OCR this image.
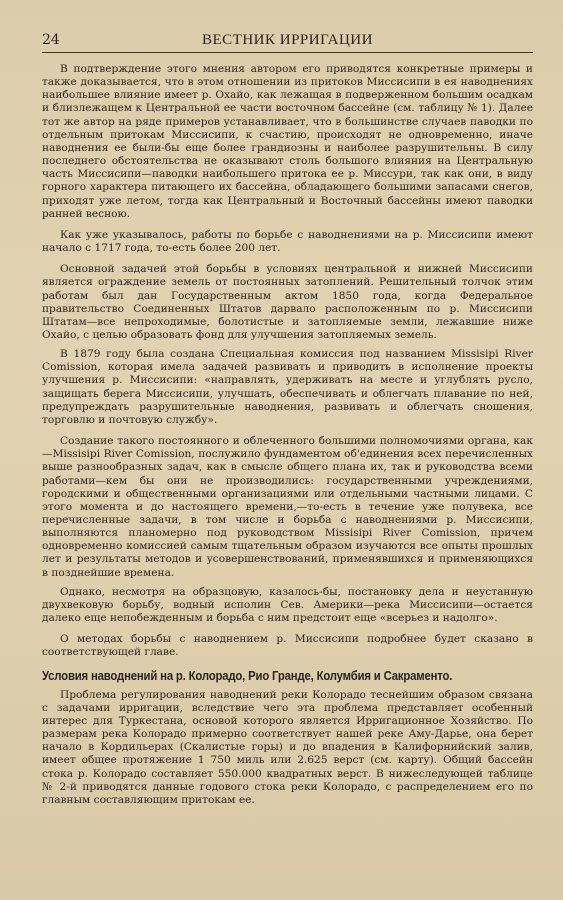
24	ВЕСТНИК ИРРИГАЦИИ

В подтверждение этого мнения автором его приводятся конкретные примеры и также доказывается, что в этом отношении из притоков Миссисипи в ея наводнениях наибольшее влияние имеет р. Охайо, как лежащая в подверженном большим осадкам и близлежащем к Центральной ее части восточном бассейне (см. таблицу № 1). Далее тот же автор на ряде примеров устанавливает, что в большинстве случаев паводки по отдельным притокам Миссисипи, к счастию, происходят не одновременно, иначе наводнения ее были-бы еще более грандиозны и наиболее разрушительны. В силу последнего обстоятельства не оказывают столь большого влияния на Центральную часть Миссисипи—паводки наибольшего притока ее р. Миссури, так как они, в виду горного характера питающего их бассейна, обладающего большими запасами снегов, приходят уже летом, тогда как Центральный и Восточный бассейны имеют паводки ранней весною.

Как уже указывалось, работы по борьбе с наводнениями на р. Миссисипи имеют начало с 1717 года, то-есть более 200 лет.

Основной задачей этой борьбы в условиях центральной и нижней Миссисипи является ограждение земель от постоянных затоплений. Решительный толчок этим работам был дан Государственным актом 1850 года, когда Федеральное правительство Соединенных Штатов дарвало расположенным по р. Миссисипи Штатам—все непроходимые, болотистые и затопляемые земли, лежавшие ниже Охайо, с целью образовать фонд для улучшения затопляемых земель.

В 1879 году была создана Специальная комиссия под названием Missisipi River Comission, которая имела задачей развивать и приводить в исполнение проекты улучшения р. Миссисипи: «направлять, удерживать на месте и углублять русло, защищать берега Миссисипи, улучшать, обеспечивать и облегчать плавание по ней, предупреждать разрушительные наводнения, развивать и облегчать сношения, торговлю и почтовую службу».

Создание такого постоянного и облеченного большими полномочиями органа, как—Missisipi River Comission, послужило фундаментом об'единения всех перечисленных выше разнообразных задач, как в смысле общего плана их, так и руководства всеми работами—кем бы они не производились: государственными учреждениями, городскими и общественными организациями или отдельными частными лицами. С этого момента и до настоящего времени,—то-есть в течение уже полувека, все перечисленные задачи, в том числе и борьба с наводнениями р. Миссисипи, выполняются планомерно под руководством Missisipi River Comission, причем одновременно комиссией самым тщательным образом изучаются все опыты прошлых лет и результаты методов и усовершенствований, применявшихся и применяющихся в позднейшие времена.

Однако, несмотря на образцовую, казалось-бы, постановку дела и неустанную двухвековую борьбу, водный исполин Сев. Америки—река Миссисипи—остается далеко еще непобежденным и борьба с ним предстоит еще «всерьез и надолго».

О методах борьбы с наводнением р. Миссисипи подробнее будет сказано в соответствующей главе.

Условия наводнений на р. Колорадо, Рио Гранде, Колумбия и Сакраменто.

Проблема регулирования наводнений реки Колорадо теснейшим образом связана с задачами ирригации, вследствие чего эта проблема представляет особенный интерес для Туркестана, основой которого является Ирригационное Хозяйство. По размерам река Колорадо примерно соответствует нашей реке Аму-Дарье, она берет начало в Кордильерах (Скалистые горы) и до впадения в Калифорнийский залив, имеет общее протяжение 1 750 миль или 2.625 верст (см. карту). Общий бассейн стока р. Колорадо составляет 550.000 квадратных верст. В нижеследующей таблице № 2-й приводятся данные годового стока реки Колорадо, с распределением его по главным составляющим притокам ее.
